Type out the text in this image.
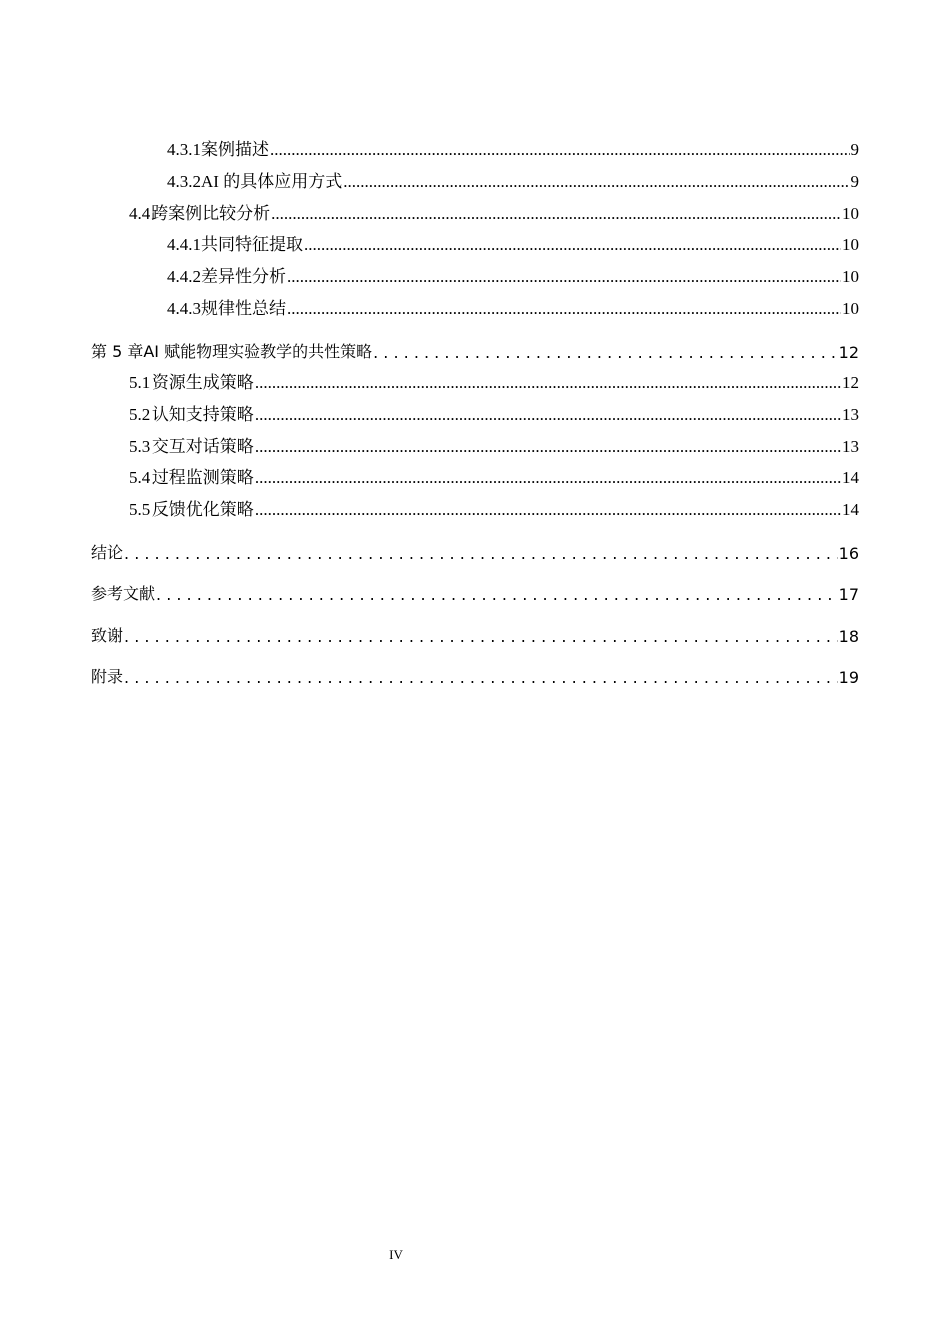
4.3.1 案例描述 .....	9
4.3.2 AI 的具体应用方式 .....	9
4.4 跨案例比较分析 .....	10
4.4.1 共同特征提取 .....	10
4.4.2 差异性分析 .....	10
4.4.3 规律性总结 .....	10
第 5 章 AI 赋能物理实验教学的共性策略 . . .	12
5.1 资源生成策略 .....	12
5.2 认知支持策略 .....	13
5.3 交互对话策略 .....	13
5.4 过程监测策略 .....	14
5.5 反馈优化策略 .....	14
结论 . . .	16
参考文献 . . .	17
致谢 . . .	18
附录 . . .	19
IV
